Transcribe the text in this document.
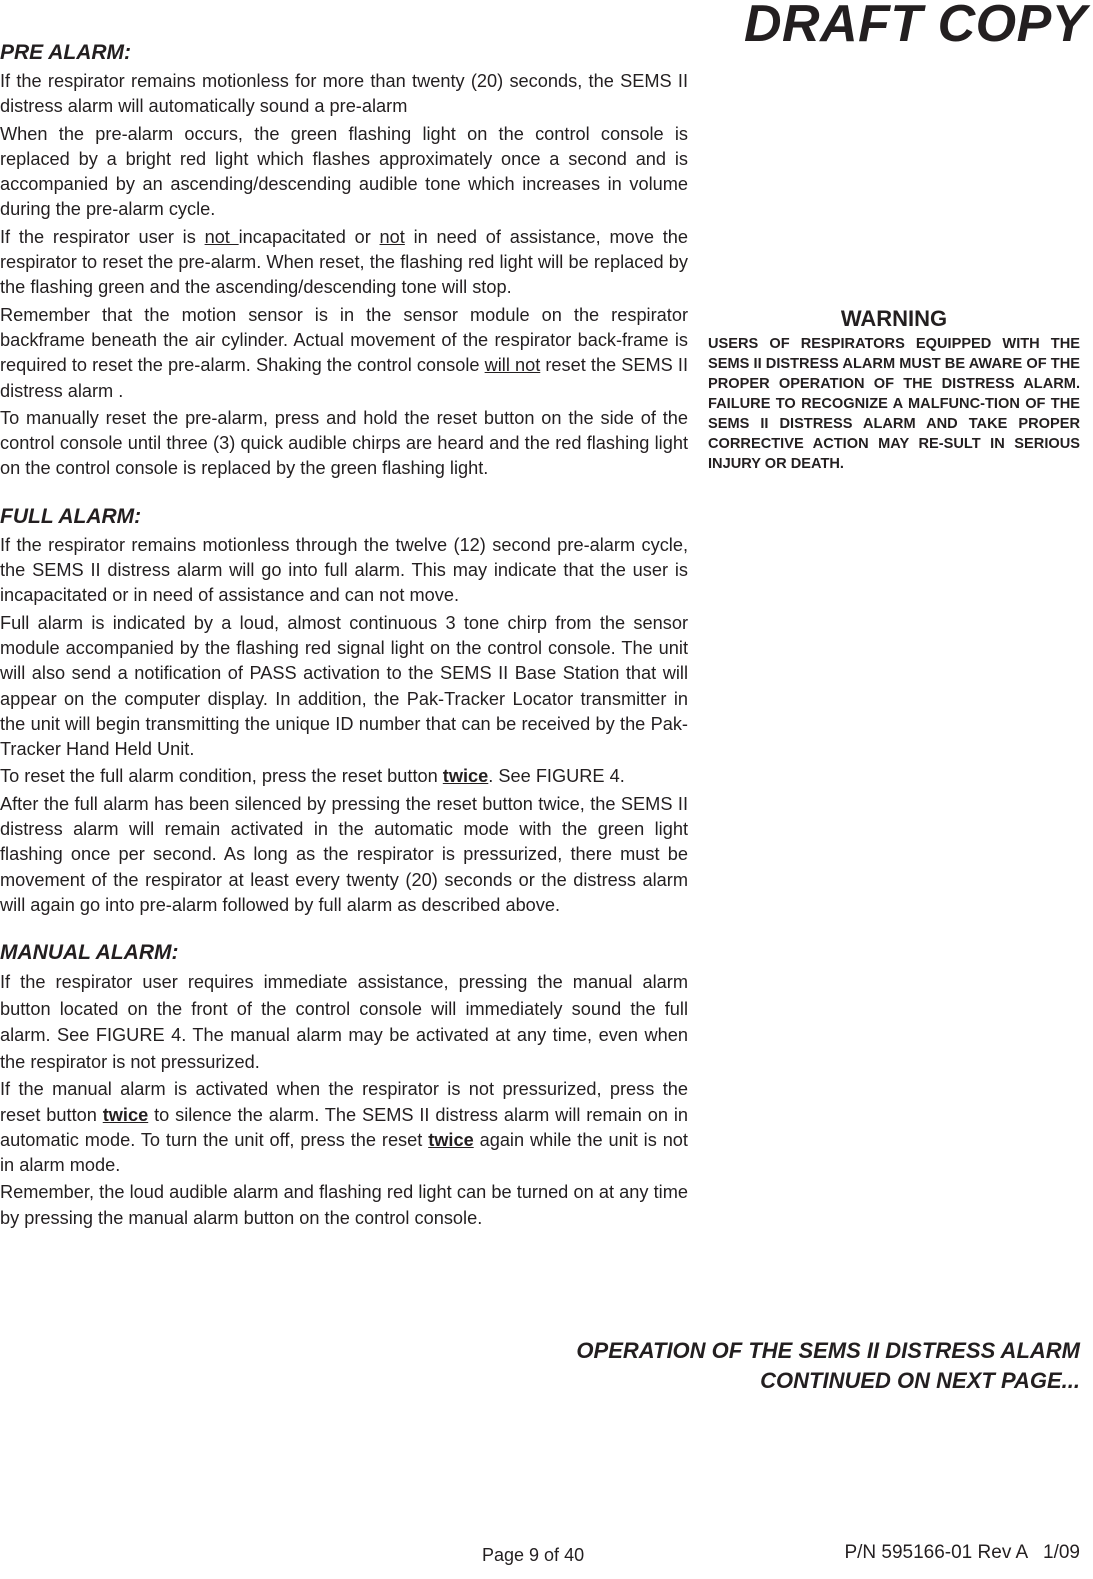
DRAFT COPY
PRE ALARM:

If the respirator remains motionless for more than twenty (20) seconds, the SEMS II distress alarm will automatically sound a pre-alarm

When the pre-alarm occurs, the green flashing light on the control console is replaced by a bright red light which flashes approximately once a second and is accompanied by an ascending/descending audible tone which increases in volume during the pre-alarm cycle.

If the respirator user is not incapacitated or not in need of assistance, move the respirator to reset the pre-alarm. When reset, the flashing red light will be replaced by the flashing green and the ascending/descending tone will stop.

Remember that the motion sensor is in the sensor module on the respirator backframe beneath the air cylinder. Actual movement of the respirator back-frame is required to reset the pre-alarm. Shaking the control console will not reset the SEMS II distress alarm .

To manually reset the pre-alarm, press and hold the reset button on the side of the control console until three (3) quick audible chirps are heard and the red flashing light on the control console is replaced by the green flashing light.

FULL ALARM:

If the respirator remains motionless through the twelve (12) second pre-alarm cycle, the SEMS II distress alarm will go into full alarm. This may indicate that the user is incapacitated or in need of assistance and can not move.

Full alarm is indicated by a loud, almost continuous 3 tone chirp from the sensor module accompanied by the flashing red signal light on the control console. The unit will also send a notification of PASS activation to the SEMS II Base Station that will appear on the computer display. In addition, the Pak-Tracker Locator transmitter in the unit will begin transmitting the unique ID number that can be received by the Pak-Tracker Hand Held Unit.

To reset the full alarm condition, press the reset button twice. See FIGURE 4.

After the full alarm has been silenced by pressing the reset button twice, the SEMS II distress alarm will remain activated in the automatic mode with the green light flashing once per second. As long as the respirator is pressurized, there must be movement of the respirator at least every twenty (20) seconds or the distress alarm will again go into pre-alarm followed by full alarm as described above.

MANUAL ALARM:

If the respirator user requires immediate assistance, pressing the manual alarm button located on the front of the control console will immediately sound the full alarm. See FIGURE 4. The manual alarm may be activated at any time, even when the respirator is not pressurized.

If the manual alarm is activated when the respirator is not pressurized, press the reset button twice to silence the alarm. The SEMS II distress alarm will remain on in automatic mode. To turn the unit off, press the reset twice again while the unit is not in alarm mode.

Remember, the loud audible alarm and flashing red light can be turned on at any time by pressing the manual alarm button on the control console.

WARNING
USERS OF RESPIRATORS EQUIPPED WITH THE SEMS II DISTRESS ALARM MUST BE AWARE OF THE PROPER OPERATION OF THE DISTRESS ALARM. FAILURE TO RECOGNIZE A MALFUNC-TION OF THE SEMS II DISTRESS ALARM AND TAKE PROPER CORRECTIVE ACTION MAY RE-SULT IN SERIOUS INJURY OR DEATH.
OPERATION OF THE SEMS II DISTRESS ALARM
CONTINUED ON NEXT PAGE...
Page 9 of 40	P/N 595166-01 Rev A   1/09
